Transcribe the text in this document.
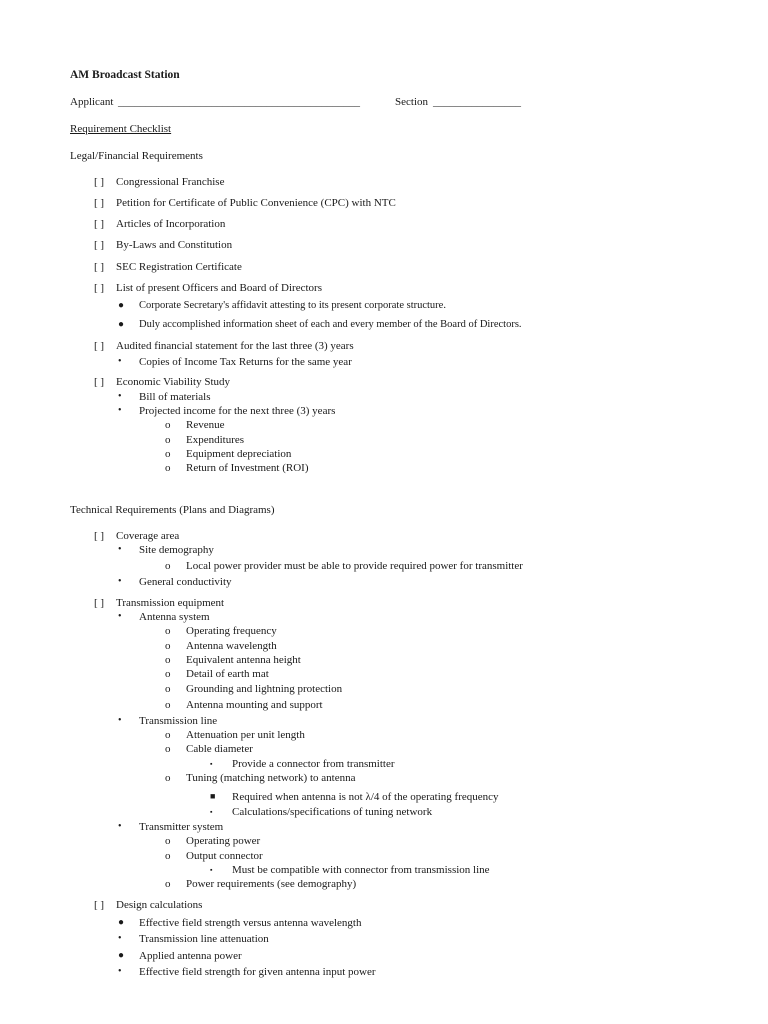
AM Broadcast Station
Applicant ____________________________________________	Section ________________
Requirement Checklist
Legal/Financial Requirements
[ ] Congressional Franchise
[ ] Petition for Certificate of Public Convenience (CPC) with NTC
[ ] Articles of Incorporation
[ ] By-Laws and Constitution
[ ] SEC Registration Certificate
[ ] List of present Officers and Board of Directors
● Corporate Secretary's affidavit attesting to its present corporate structure.
● Duly accomplished information sheet of each and every member of the Board of Directors.
[ ] Audited financial statement for the last three (3) years
• Copies of Income Tax Returns for the same year
[ ] Economic Viability Study
• Bill of materials
• Projected income for the next three (3) years
o Revenue
o Expenditures
o Equipment depreciation
o Return of Investment (ROI)
Technical Requirements (Plans and Diagrams)
[ ] Coverage area
• Site demography
o Local power provider must be able to provide required power for transmitter
• General conductivity
[ ] Transmission equipment
• Antenna system
o Operating frequency
o Antenna wavelength
o Equivalent antenna height
o Detail of earth mat
o Grounding and lightning protection
o Antenna mounting and support
• Transmission line
o Attenuation per unit length
o Cable diameter
▪ Provide a connector from transmitter
o Tuning (matching network) to antenna
■ Required when antenna is not λ/4 of the operating frequency
▪ Calculations/specifications of tuning network
• Transmitter system
o Operating power
o Output connector
▪ Must be compatible with connector from transmission line
o Power requirements (see demography)
[ ] Design calculations
● Effective field strength versus antenna wavelength
• Transmission line attenuation
● Applied antenna power
• Effective field strength for given antenna input power
